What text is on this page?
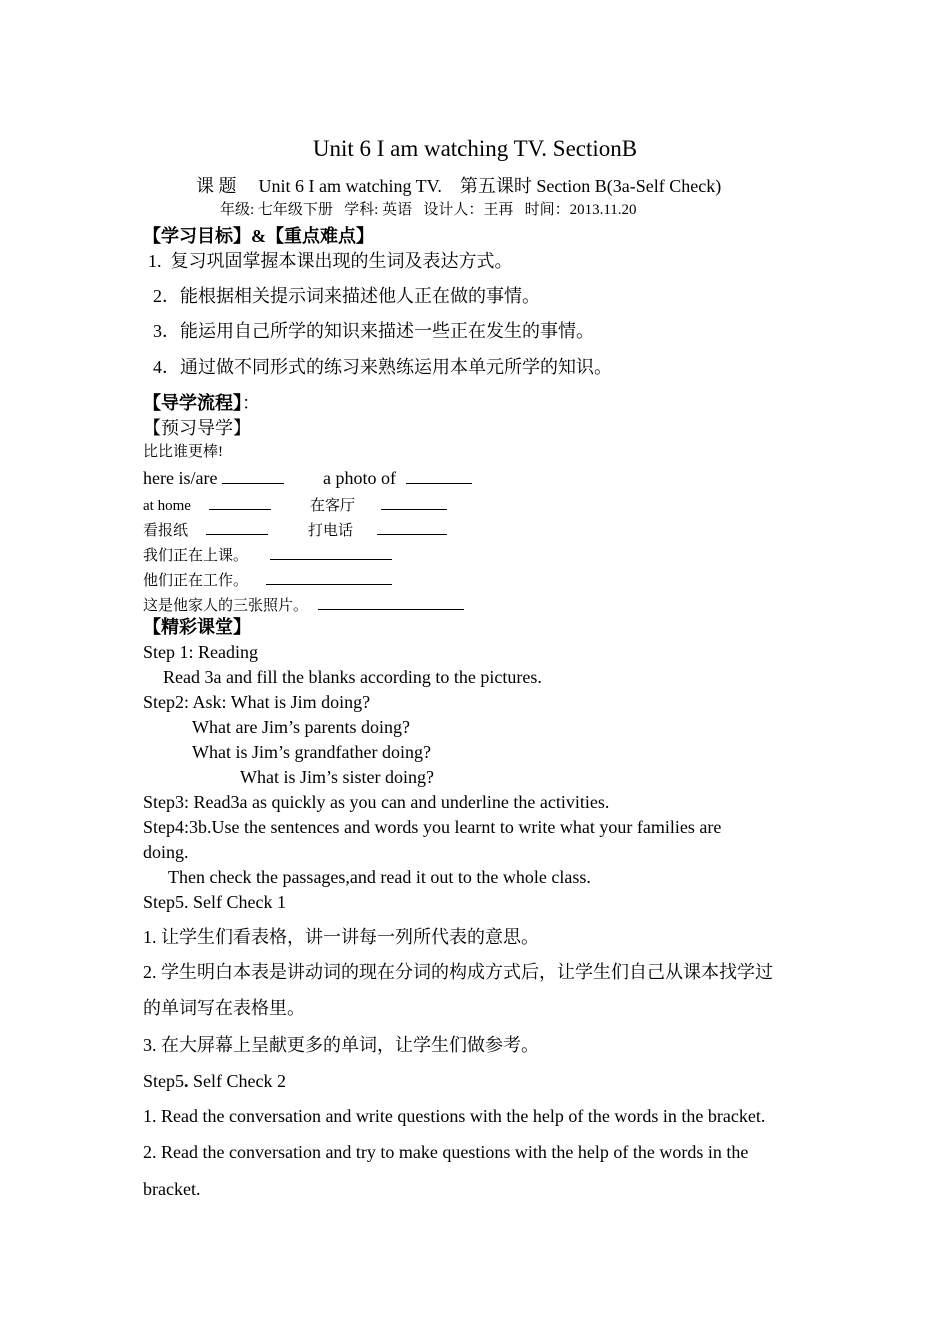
Unit 6 I am watching TV. SectionB
课 题 Unit 6 I am watching TV.    第五课时 Section B(3a-Self Check)
年级: 七年级下册   学科: 英语   设计人：王再   时间：2013.11.20
【学习目标】&【重点难点】
1.  复习巩固掌握本课出现的生词及表达方式。
2．能根据相关提示词来描述他人正在做的事情。
3．能运用自己所学的知识来描述一些正在发生的事情。
4．通过做不同形式的练习来熟练运用本单元所学的知识。
【导学流程】：
【预习导学】
比比谁更棒!
here is/are	a photo of
at home	在客厅
看报纸	打电话
我们正在上课。
他们正在工作。
这是他家人的三张照片。
【精彩课堂】
Step 1: Reading
Read 3a and fill the blanks according to the pictures.
Step2: Ask: What is Jim doing?
What are Jim’s parents doing?
What is Jim’s grandfather doing?
What is Jim’s sister doing?
Step3: Read3a as quickly as you can and underline the activities.
Step4:3b.Use the sentences and words you learnt to write what your families are
doing.
Then check the passages,and read it out to the whole class.
Step5. Self Check 1
1. 让学生们看表格，讲一讲每一列所代表的意思。
2. 学生明白本表是讲动词的现在分词的构成方式后，让学生们自己从课本找学过
的单词写在表格里。
3. 在大屏幕上呈献更多的单词，让学生们做参考。
Step5. Self Check 2
1. Read the conversation and write questions with the help of the words in the bracket.
2. Read the conversation and try to make questions with the help of the words in the
bracket.
